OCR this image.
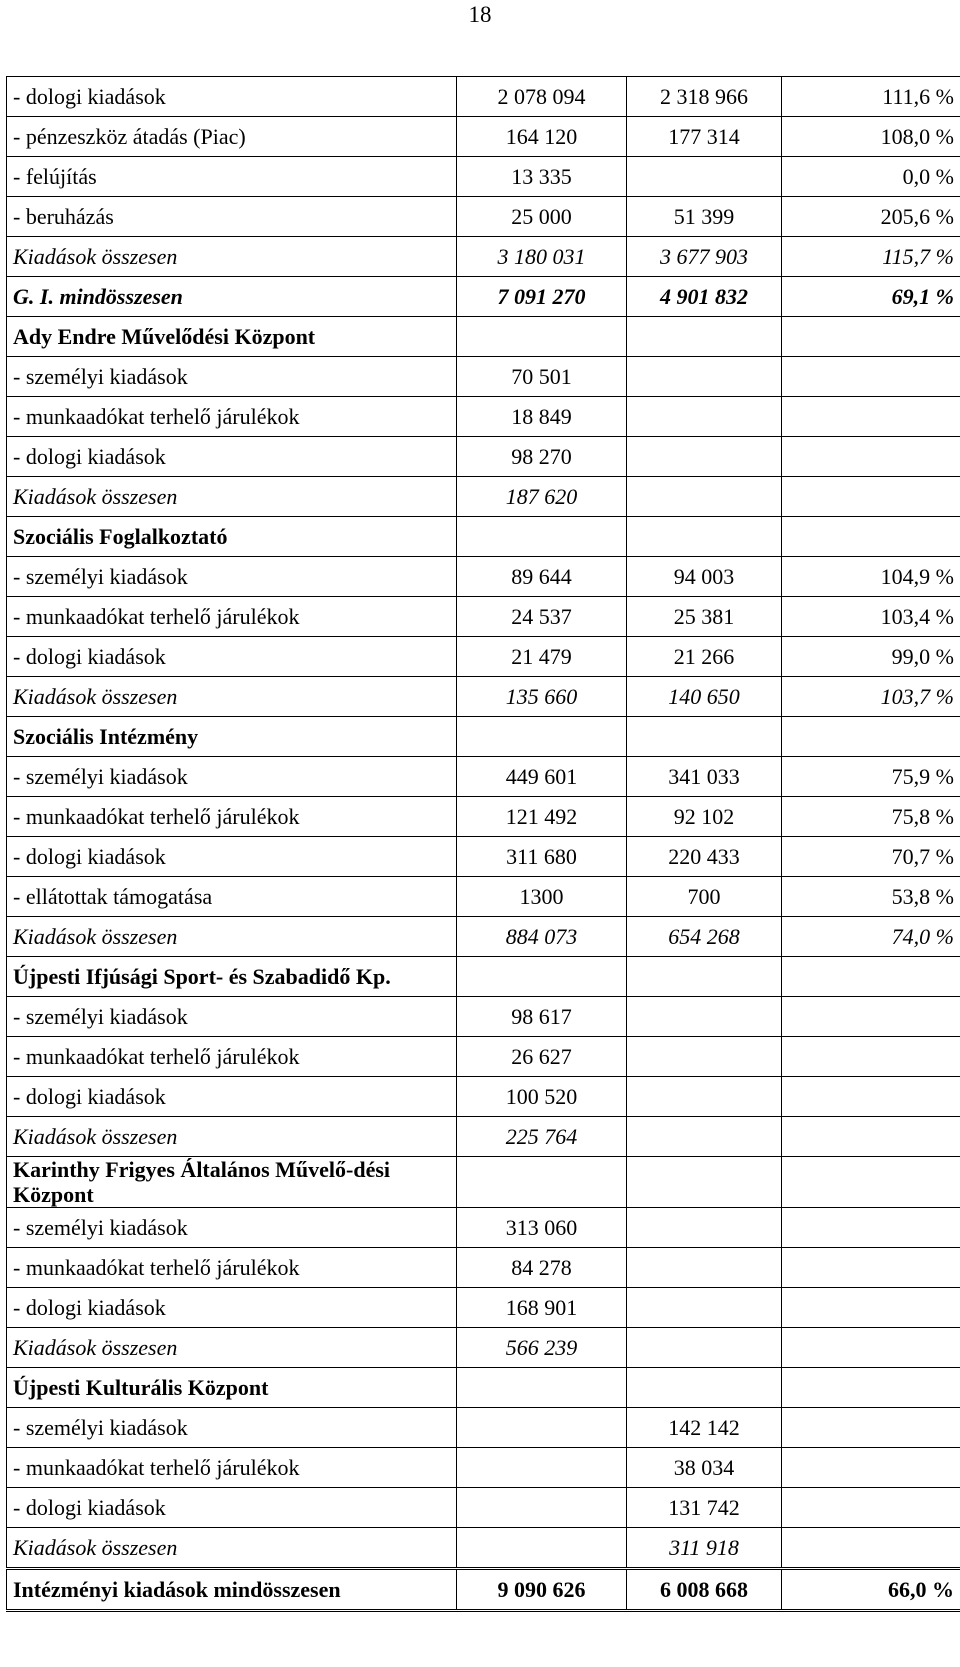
18
- dologi kiadások	2 078 094	2 318 966	111,6 %
- pénzeszköz átadás (Piac)	164 120	177 314	108,0 %
- felújítás	13 335		0,0 %
- beruházás	25 000	51 399	205,6 %
Kiadások összesen	3 180 031	3 677 903	115,7 %
G. I. mindösszesen	7 091 270	4 901 832	69,1 %
Ady Endre Művelődési Központ			
- személyi kiadások	70 501		
- munkaadókat terhelő járulékok	18 849		
- dologi kiadások	98 270		
Kiadások összesen	187 620		
Szociális Foglalkoztató			
- személyi kiadások	89 644	94 003	104,9 %
- munkaadókat terhelő járulékok	24 537	25 381	103,4 %
- dologi kiadások	21 479	21 266	99,0 %
Kiadások összesen	135 660	140 650	103,7 %
Szociális Intézmény			
- személyi kiadások	449 601	341 033	75,9 %
- munkaadókat terhelő járulékok	121 492	92 102	75,8 %
- dologi kiadások	311 680	220 433	70,7 %
- ellátottak támogatása	1300	700	53,8 %
Kiadások összesen	884 073	654 268	74,0 %
Újpesti Ifjúsági Sport- és Szabadidő Kp.			
- személyi kiadások	98 617		
- munkaadókat terhelő járulékok	26 627		
- dologi kiadások	100 520		
Kiadások összesen	225 764		
Karinthy Frigyes Általános Művelő-dési Központ			
- személyi kiadások	313 060		
- munkaadókat terhelő járulékok	84 278		
- dologi kiadások	168 901		
Kiadások összesen	566 239		
Újpesti Kulturális Központ			
- személyi kiadások		142 142	
- munkaadókat terhelő járulékok		38 034	
- dologi kiadások		131 742	
Kiadások összesen		311 918	
Intézményi kiadások mindösszesen	9 090 626	6 008 668	66,0 %
